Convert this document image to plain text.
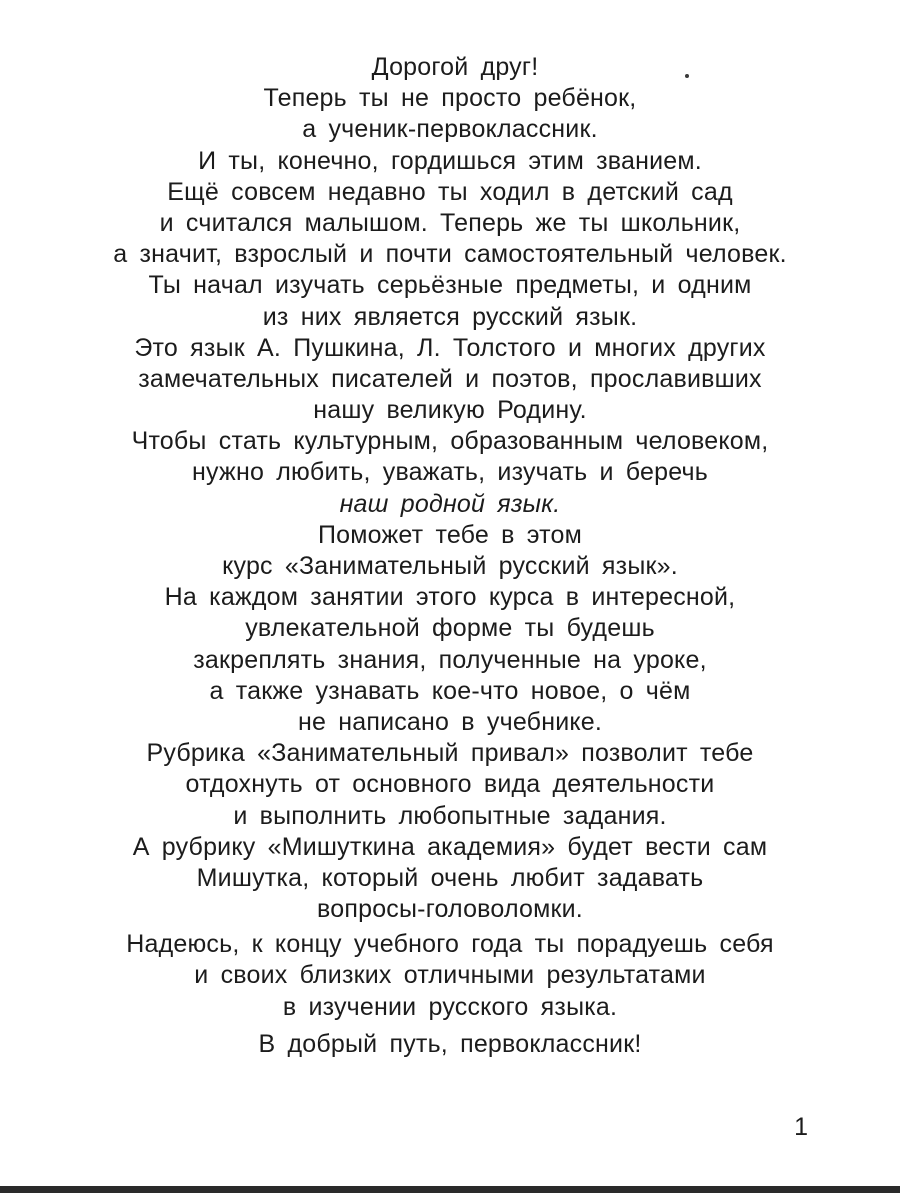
Дорогой друг!
Теперь ты не просто ребёнок,
а ученик-первоклассник.
И ты, конечно, гордишься этим званием.
Ещё совсем недавно ты ходил в детский сад
и считался малышом. Теперь же ты школьник,
а значит, взрослый и почти самостоятельный человек.
Ты начал изучать серьёзные предметы, и одним
из них является русский язык.
Это язык А. Пушкина, Л. Толстого и многих других
замечательных писателей и поэтов, прославивших
нашу великую Родину.
Чтобы стать культурным, образованным человеком,
нужно любить, уважать, изучать и беречь
наш родной язык.
Поможет тебе в этом
курс «Занимательный русский язык».
На каждом занятии этого курса в интересной,
увлекательной форме ты будешь
закреплять знания, полученные на уроке,
а также узнавать кое-что новое, о чём
не написано в учебнике.
Рубрика «Занимательный привал» позволит тебе
отдохнуть от основного вида деятельности
и выполнить любопытные задания.
А рубрику «Мишуткина академия» будет вести сам
Мишутка, который очень любит задавать
вопросы-головоломки.
Надеюсь, к концу учебного года ты порадуешь себя
и своих близких отличными результатами
в изучении русского языка.
В добрый путь, первоклассник!
1
